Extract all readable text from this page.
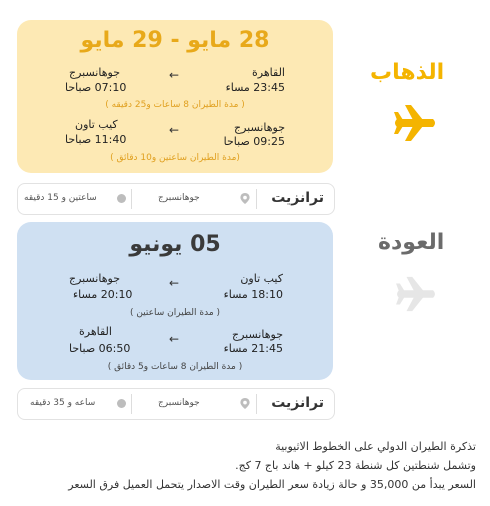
28 مايو - 29 مايو
القاهرة
23:45 مساء
←
جوهانسبرج
07:10 صباحا
( مدة الطيران 8 ساعات و25 دقيقه )
جوهانسبرج
09:25 صباحا
←
كيب تاون
11:40 صباحا
(مدة الطيران ساعتين و10 دقائق )
الذهاب
ترانزيت
جوهانسبرج
ساعتين و 15 دقيقه
05 يونيو
كيب تاون
18:10 مساء
←
جوهانسبرج
20:10 مساء
( مدة الطيران ساعتين )
جوهانسبرج
21:45 مساء
←
القاهرة
06:50 صباحا
( مدة الطيران 8 ساعات و5 دقائق )
العودة
ترانزيت
جوهانسبرج
ساعه و 35 دقيقه
تذكرة الطيران الدولي على الخطوط الاثيوبية
وتشمل شنطتين كل شنطة 23 كيلو + هاند باج 7 كج.
السعر يبدأ من 35,000 و حالة زيادة سعر الطيران وقت الاصدار يتحمل العميل فرق السعر
